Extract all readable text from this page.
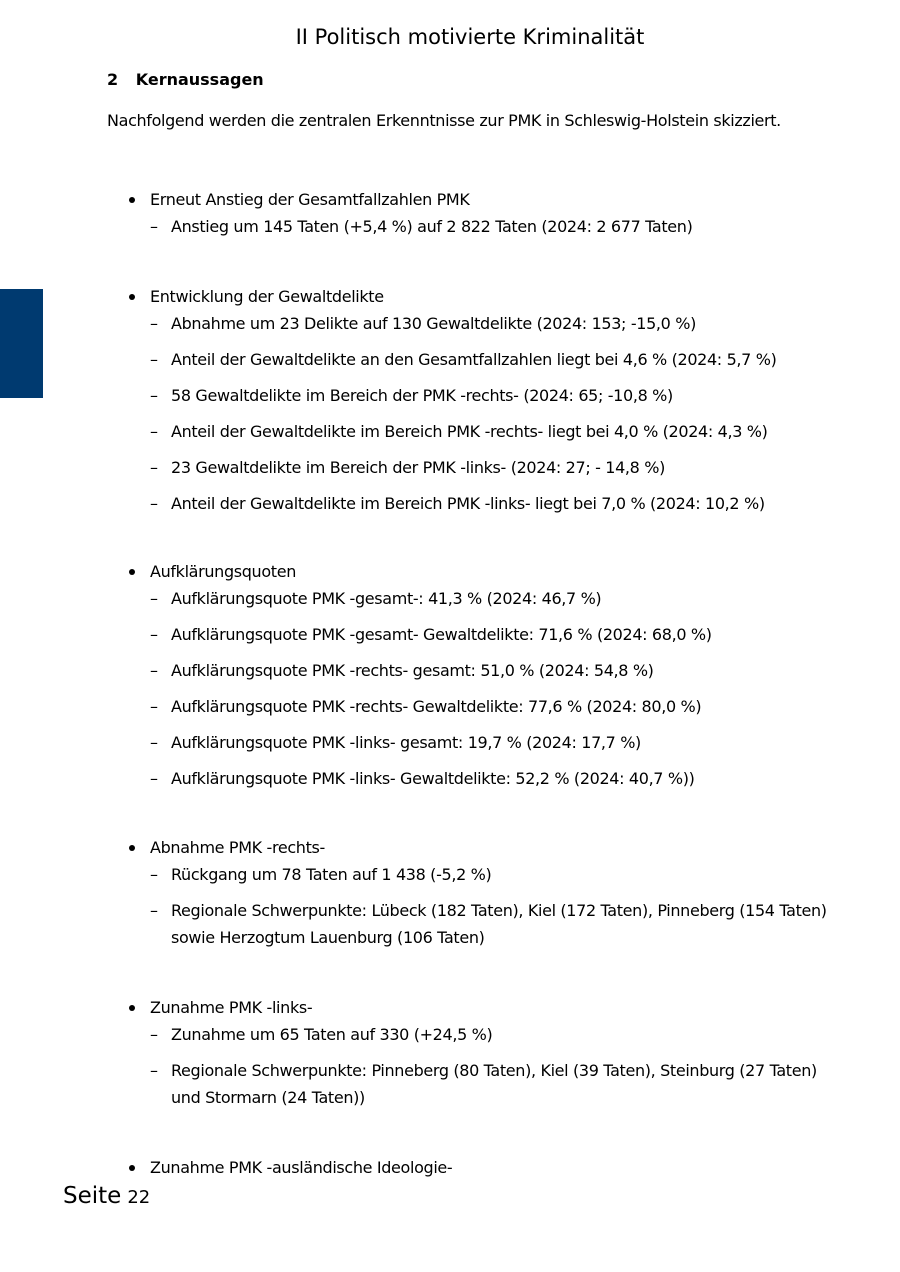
II Politisch motivierte Kriminalität
2 Kernaussagen
Nachfolgend werden die zentralen Erkenntnisse zur PMK in Schleswig-Holstein skizziert.
Erneut Anstieg der Gesamtfallzahlen PMK
– Anstieg um 145 Taten (+5,4 %) auf 2 822 Taten (2024: 2 677 Taten)
Entwicklung der Gewaltdelikte
– Abnahme um 23 Delikte auf 130 Gewaltdelikte (2024: 153; -15,0 %)
– Anteil der Gewaltdelikte an den Gesamtfallzahlen liegt bei 4,6 % (2024: 5,7 %)
– 58 Gewaltdelikte im Bereich der PMK -rechts- (2024: 65; -10,8 %)
– Anteil der Gewaltdelikte im Bereich PMK -rechts- liegt bei 4,0 % (2024: 4,3 %)
– 23 Gewaltdelikte im Bereich der PMK -links- (2024: 27; - 14,8 %)
– Anteil der Gewaltdelikte im Bereich PMK -links- liegt bei 7,0 % (2024: 10,2 %)
Aufklärungsquoten
– Aufklärungsquote PMK -gesamt-: 41,3 % (2024: 46,7 %)
– Aufklärungsquote PMK -gesamt- Gewaltdelikte: 71,6 % (2024: 68,0 %)
– Aufklärungsquote PMK -rechts- gesamt: 51,0 % (2024: 54,8 %)
– Aufklärungsquote PMK -rechts- Gewaltdelikte: 77,6 % (2024: 80,0 %)
– Aufklärungsquote PMK -links- gesamt: 19,7 % (2024: 17,7 %)
– Aufklärungsquote PMK -links- Gewaltdelikte: 52,2 % (2024: 40,7 %))
Abnahme PMK -rechts-
– Rückgang um 78 Taten auf 1 438 (-5,2 %)
– Regionale Schwerpunkte: Lübeck (182 Taten), Kiel (172 Taten), Pinneberg (154 Taten) sowie Herzogtum Lauenburg (106 Taten)
Zunahme PMK -links-
– Zunahme um 65 Taten auf 330 (+24,5 %)
– Regionale Schwerpunkte: Pinneberg (80 Taten), Kiel (39 Taten), Steinburg (27 Taten) und Stormarn (24 Taten))
Zunahme PMK -ausländische Ideologie-
Seite 22
